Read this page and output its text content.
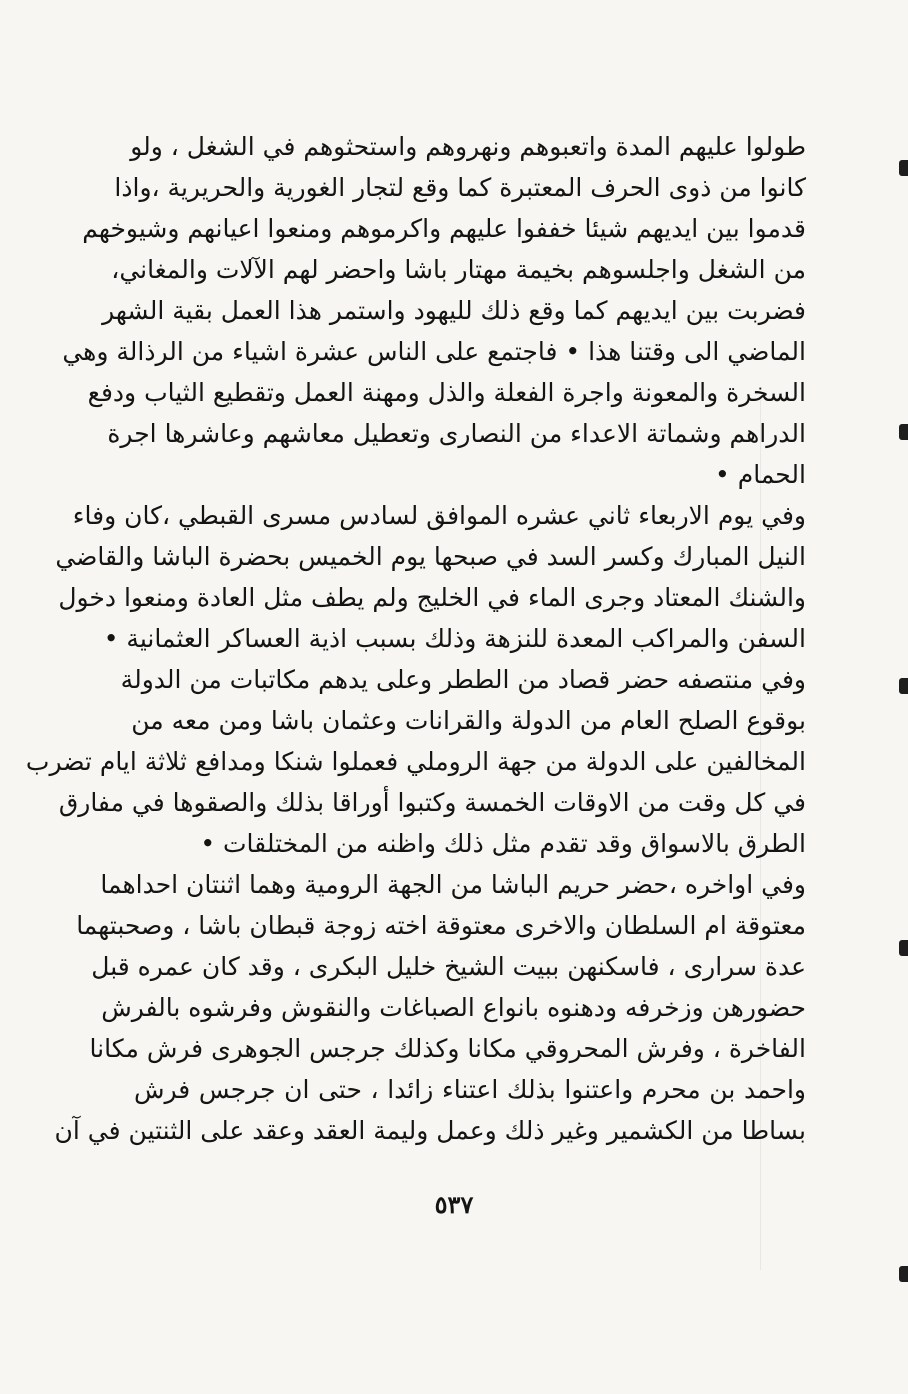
طولوا عليهم المدة واتعبوهم ونهروهم واستحثوهم في الشغل ، ولو
كانوا من ذوى الحرف المعتبرة كما وقع لتجار الغورية والحريرية ،واذا
قدموا بين ايديهم شيئا خففوا عليهم واكرموهم ومنعوا اعيانهم وشيوخهم
من الشغل واجلسوهم بخيمة مهتار باشا واحضر لهم الآلات والمغاني،
فضربت بين ايديهم كما وقع ذلك لليهود واستمر هذا العمل بقية الشهر
الماضي الى وقتنا هذا • فاجتمع على الناس عشرة اشياء من الرذالة وهي
السخرة والمعونة واجرة الفعلة والذل ومهنة العمل وتقطيع الثياب ودفع
الدراهم وشماتة الاعداء من النصارى وتعطيل معاشهم وعاشرها اجرة
الحمام •
وفي يوم الاربعاء ثاني عشره الموافق لسادس مسرى القبطي ،كان وفاء
النيل المبارك وكسر السد في صبحها يوم الخميس بحضرة الباشا والقاضي
والشنك المعتاد وجرى الماء في الخليج ولم يطف مثل العادة ومنعوا دخول
السفن والمراكب المعدة للنزهة وذلك بسبب اذية العساكر العثمانية •
وفي منتصفه حضر قصاد من الططر وعلى يدهم مكاتبات من الدولة
بوقوع الصلح العام من الدولة والقرانات وعثمان باشا ومن معه من
المخالفين على الدولة من جهة الروملي فعملوا شنكا ومدافع ثلاثة ايام تضرب
في كل وقت من الاوقات الخمسة وكتبوا أوراقا بذلك والصقوها في مفارق
الطرق بالاسواق وقد تقدم مثل ذلك واظنه من المختلقات •
وفي اواخره ،حضر حريم الباشا من الجهة الرومية وهما اثنتان احداهما
معتوقة ام السلطان والاخرى معتوقة اخته زوجة قبطان باشا ، وصحبتهما
عدة سرارى ، فاسكنهن ببيت الشيخ خليل البكرى ، وقد كان عمره قبل
حضورهن وزخرفه ودهنوه بانواع الصباغات والنقوش وفرشوه بالفرش
الفاخرة ، وفرش المحروقي مكانا وكذلك جرجس الجوهرى فرش مكانا
واحمد بن محرم واعتنوا بذلك اعتناء زائدا ، حتى ان جرجس فرش
بساطا من الكشمير وغير ذلك وعمل وليمة العقد وعقد على الثنتين في آن
٥٣٧
